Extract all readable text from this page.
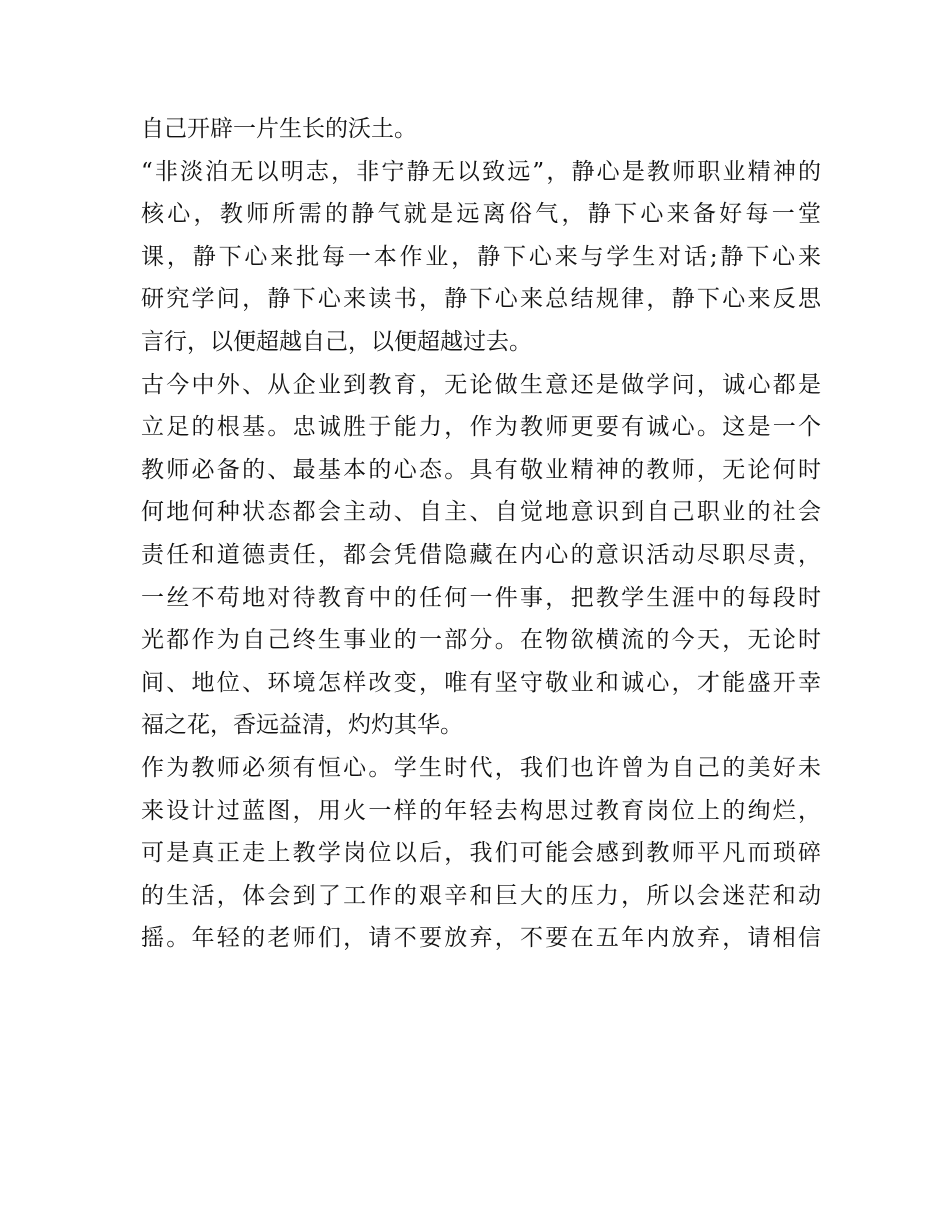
自己开辟一片生长的沃土。
“非淡泊无以明志，非宁静无以致远”，静心是教师职业精神的
核心，教师所需的静气就是远离俗气，静下心来备好每一堂
课，静下心来批每一本作业，静下心来与学生对话;静下心来
研究学问，静下心来读书，静下心来总结规律，静下心来反思
言行，以便超越自己，以便超越过去。
古今中外、从企业到教育，无论做生意还是做学问，诚心都是
立足的根基。忠诚胜于能力，作为教师更要有诚心。这是一个
教师必备的、最基本的心态。具有敬业精神的教师，无论何时
何地何种状态都会主动、自主、自觉地意识到自己职业的社会
责任和道德责任，都会凭借隐藏在内心的意识活动尽职尽责，
一丝不苟地对待教育中的任何一件事，把教学生涯中的每段时
光都作为自己终生事业的一部分。在物欲横流的今天，无论时
间、地位、环境怎样改变，唯有坚守敬业和诚心，才能盛开幸
福之花，香远益清，灼灼其华。
作为教师必须有恒心。学生时代，我们也许曾为自己的美好未
来设计过蓝图，用火一样的年轻去构思过教育岗位上的绚烂，
可是真正走上教学岗位以后，我们可能会感到教师平凡而琐碎
的生活，体会到了工作的艰辛和巨大的压力，所以会迷茫和动
摇。年轻的老师们，请不要放弃，不要在五年内放弃，请相信
